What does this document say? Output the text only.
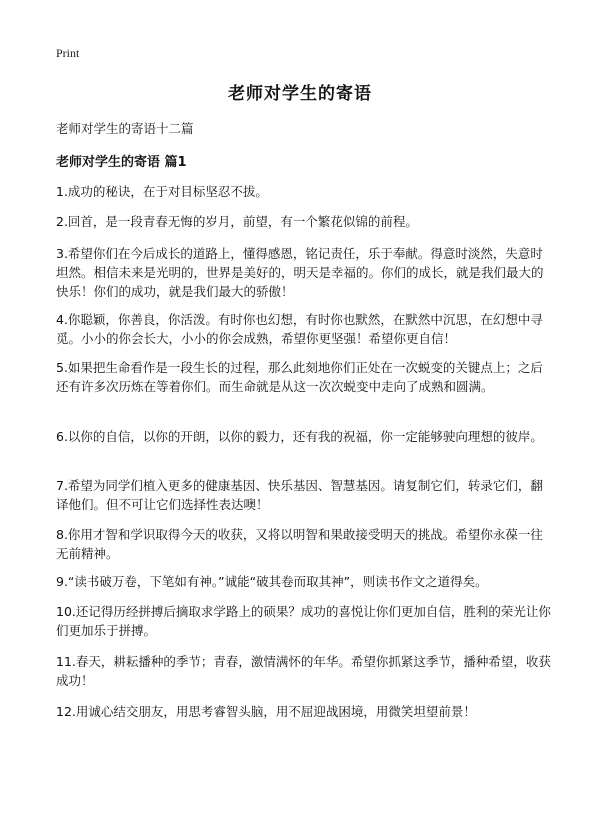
Print
老师对学生的寄语
老师对学生的寄语十二篇
老师对学生的寄语 篇1

1.成功的秘诀，在于对目标坚忍不拔。

2.回首，是一段青春无悔的岁月，前望，有一个繁花似锦的前程。

3.希望你们在今后成长的道路上，懂得感恩，铭记责任，乐于奉献。得意时淡然，失意时坦然。相信未来是光明的，世界是美好的，明天是幸福的。你们的成长，就是我们最大的快乐！你们的成功，就是我们最大的骄傲！

4.你聪颖，你善良，你活泼。有时你也幻想，有时你也默然，在默然中沉思，在幻想中寻觅。小小的你会长大，小小的你会成熟，希望你更坚强！希望你更自信！

5.如果把生命看作是一段生长的过程，那么此刻地你们正处在一次蜕变的关键点上；之后还有许多次历炼在等着你们。而生命就是从这一次次蜕变中走向了成熟和圆满。

6.以你的自信，以你的开朗，以你的毅力，还有我的祝福，你一定能够驶向理想的彼岸。

7.希望为同学们植入更多的健康基因、快乐基因、智慧基因。请复制它们，转录它们，翻译他们。但不可让它们选择性表达噢！

8.你用才智和学识取得今天的收获，又将以明智和果敢接受明天的挑战。希望你永葆一往无前精神。

9.“读书破万卷，下笔如有神。”诚能“破其卷而取其神”，则读书作文之道得矣。

10.还记得历经拼搏后摘取求学路上的硕果？成功的喜悦让你们更加自信，胜利的荣光让你们更加乐于拼搏。

11.春天，耕耘播种的季节；青春，激情满怀的年华。希望你抓紧这季节，播种希望，收获成功！

12.用诚心结交朋友，用思考睿智头脑，用不屈迎战困境，用微笑坦望前景！
